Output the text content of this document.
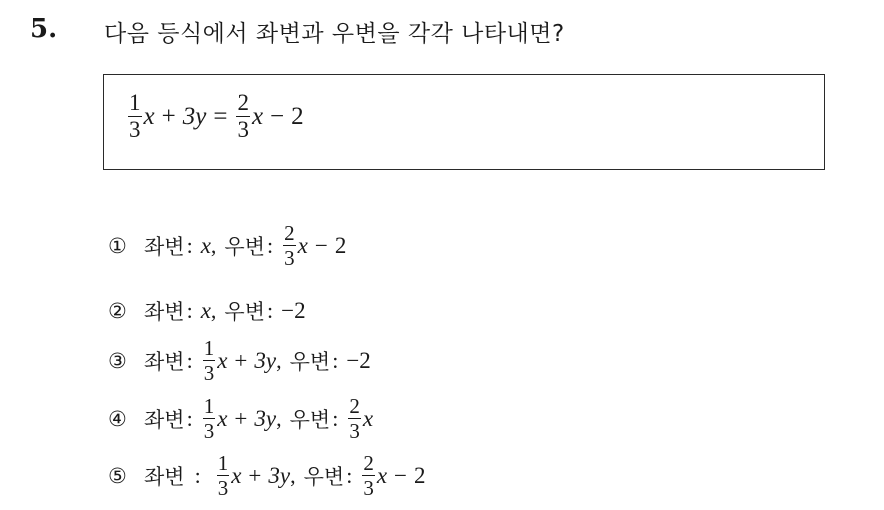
5. 다음 등식에서 좌변과 우변을 각각 나타내면?
$\frac{1}{3}$ $x + 3y = \frac{2}{3}$ x − 2
① 좌변 : x , 우변 : $\frac{2}{3}$ x − 2
② 좌변 : x , 우변 : −2
③ 좌변 : $\frac{1}{3}$ x + 3y , 우변 : −2
④ 좌변 : $\frac{1}{3}$ x + 3y , 우변 : $\frac{2}{3}$ x
⑤ 좌변 : $\frac{1}{3}$ x + 3y , 우변 : $\frac{2}{3}$ x − 2
